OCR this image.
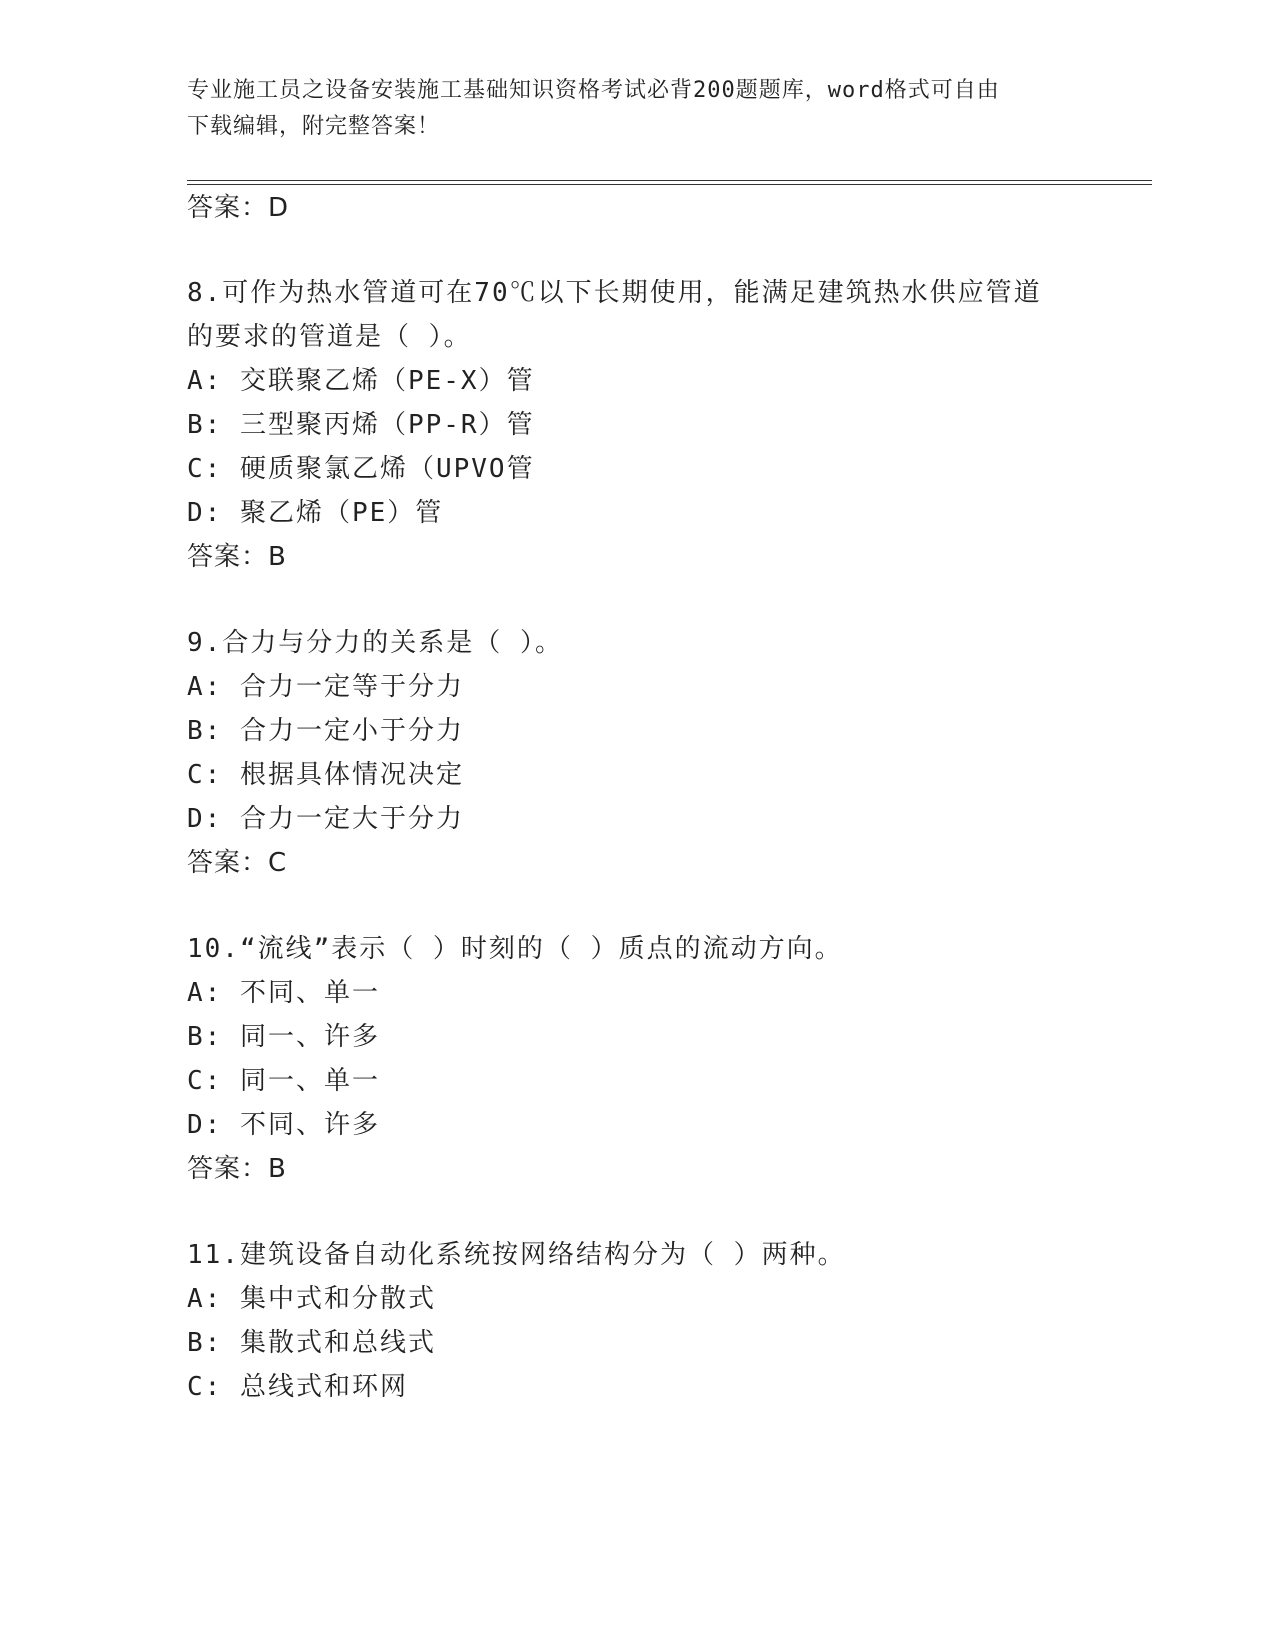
专业施工员之设备安装施工基础知识资格考试必背200题题库，word格式可自由
下载编辑，附完整答案！
答案：D
8.可作为热水管道可在70℃以下长期使用，能满足建筑热水供应管道
的要求的管道是（ ）。
A: 交联聚乙烯（PE-X）管
B: 三型聚丙烯（PP-R）管
C: 硬质聚氯乙烯（UPVO管
D: 聚乙烯（PE）管
答案：B
9.合力与分力的关系是（ ）。
A: 合力一定等于分力
B: 合力一定小于分力
C: 根据具体情况决定
D: 合力一定大于分力
答案：C
10.“流线”表示（ ）时刻的（ ）质点的流动方向。
A: 不同、单一
B: 同一、许多
C: 同一、单一
D: 不同、许多
答案：B
11.建筑设备自动化系统按网络结构分为（ ）两种。
A: 集中式和分散式
B: 集散式和总线式
C: 总线式和环网
